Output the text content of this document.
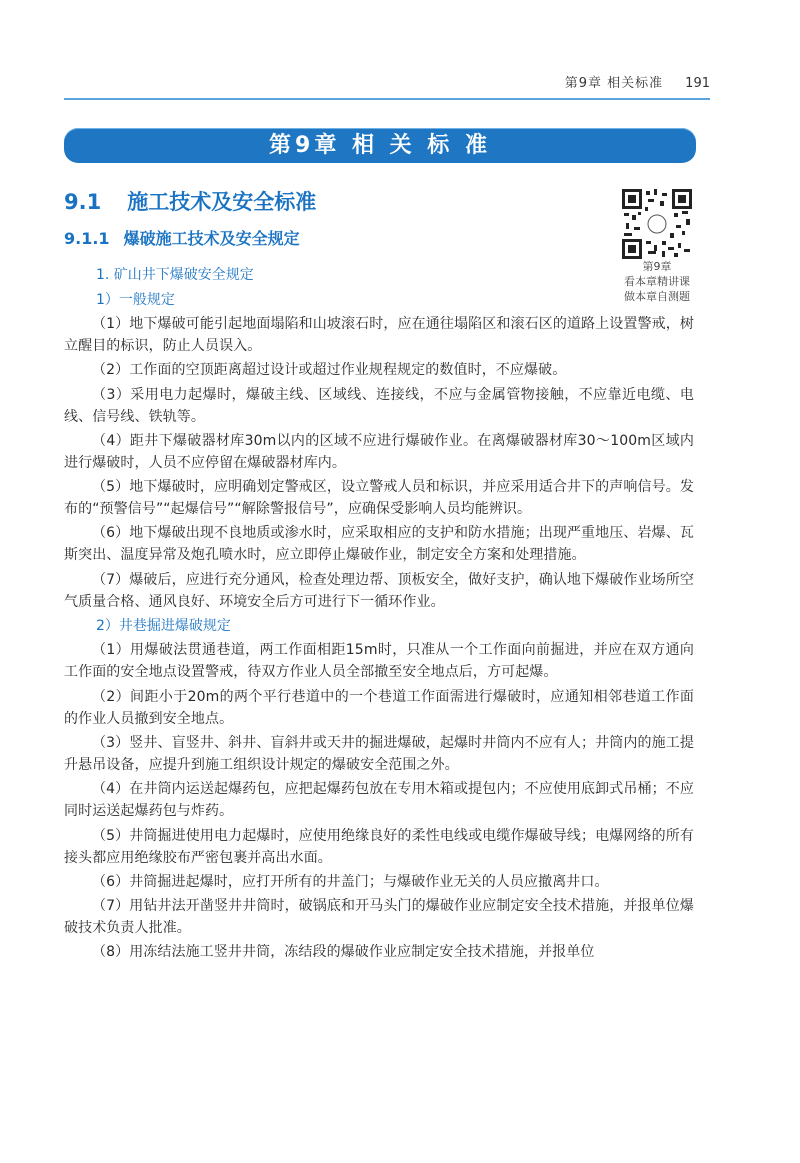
第9章 相关标准 191
第9章 相 关 标 准
9.1 施工技术及安全标准
9.1.1 爆破施工技术及安全规定
1. 矿山井下爆破安全规定
1）一般规定
第9章
看本章精讲课
做本章自测题

（1）地下爆破可能引起地面塌陷和山坡滚石时，应在通往塌陷区和滚石区的道路上设置警戒，树立醒目的标识，防止人员误入。

（2）工作面的空顶距离超过设计或超过作业规程规定的数值时，不应爆破。

（3）采用电力起爆时，爆破主线、区域线、连接线，不应与金属管物接触，不应靠近电缆、电线、信号线、铁轨等。

（4）距井下爆破器材库30m以内的区域不应进行爆破作业。在离爆破器材库30～100m区域内进行爆破时，人员不应停留在爆破器材库内。

（5）地下爆破时，应明确划定警戒区，设立警戒人员和标识，并应采用适合井下的声响信号。发布的“预警信号”“起爆信号”“解除警报信号”，应确保受影响人员均能辨识。

（6）地下爆破出现不良地质或渗水时，应采取相应的支护和防水措施；出现严重地压、岩爆、瓦斯突出、温度异常及炮孔喷水时，应立即停止爆破作业，制定安全方案和处理措施。

（7）爆破后，应进行充分通风，检查处理边帮、顶板安全，做好支护，确认地下爆破作业场所空气质量合格、通风良好、环境安全后方可进行下一循环作业。

2）井巷掘进爆破规定

（1）用爆破法贯通巷道，两工作面相距15m时，只准从一个工作面向前掘进，并应在双方通向工作面的安全地点设置警戒，待双方作业人员全部撤至安全地点后，方可起爆。

（2）间距小于20m的两个平行巷道中的一个巷道工作面需进行爆破时，应通知相邻巷道工作面的作业人员撤到安全地点。

（3）竖井、盲竖井、斜井、盲斜井或天井的掘进爆破，起爆时井筒内不应有人；井筒内的施工提升悬吊设备，应提升到施工组织设计规定的爆破安全范围之外。

（4）在井筒内运送起爆药包，应把起爆药包放在专用木箱或提包内；不应使用底卸式吊桶；不应同时运送起爆药包与炸药。

（5）井筒掘进使用电力起爆时，应使用绝缘良好的柔性电线或电缆作爆破导线；电爆网络的所有接头都应用绝缘胶布严密包裹并高出水面。

（6）井筒掘进起爆时，应打开所有的井盖门；与爆破作业无关的人员应撤离井口。

（7）用钻井法开凿竖井井筒时，破锅底和开马头门的爆破作业应制定安全技术措施，并报单位爆破技术负责人批准。

（8）用冻结法施工竖井井筒，冻结段的爆破作业应制定安全技术措施，并报单位
